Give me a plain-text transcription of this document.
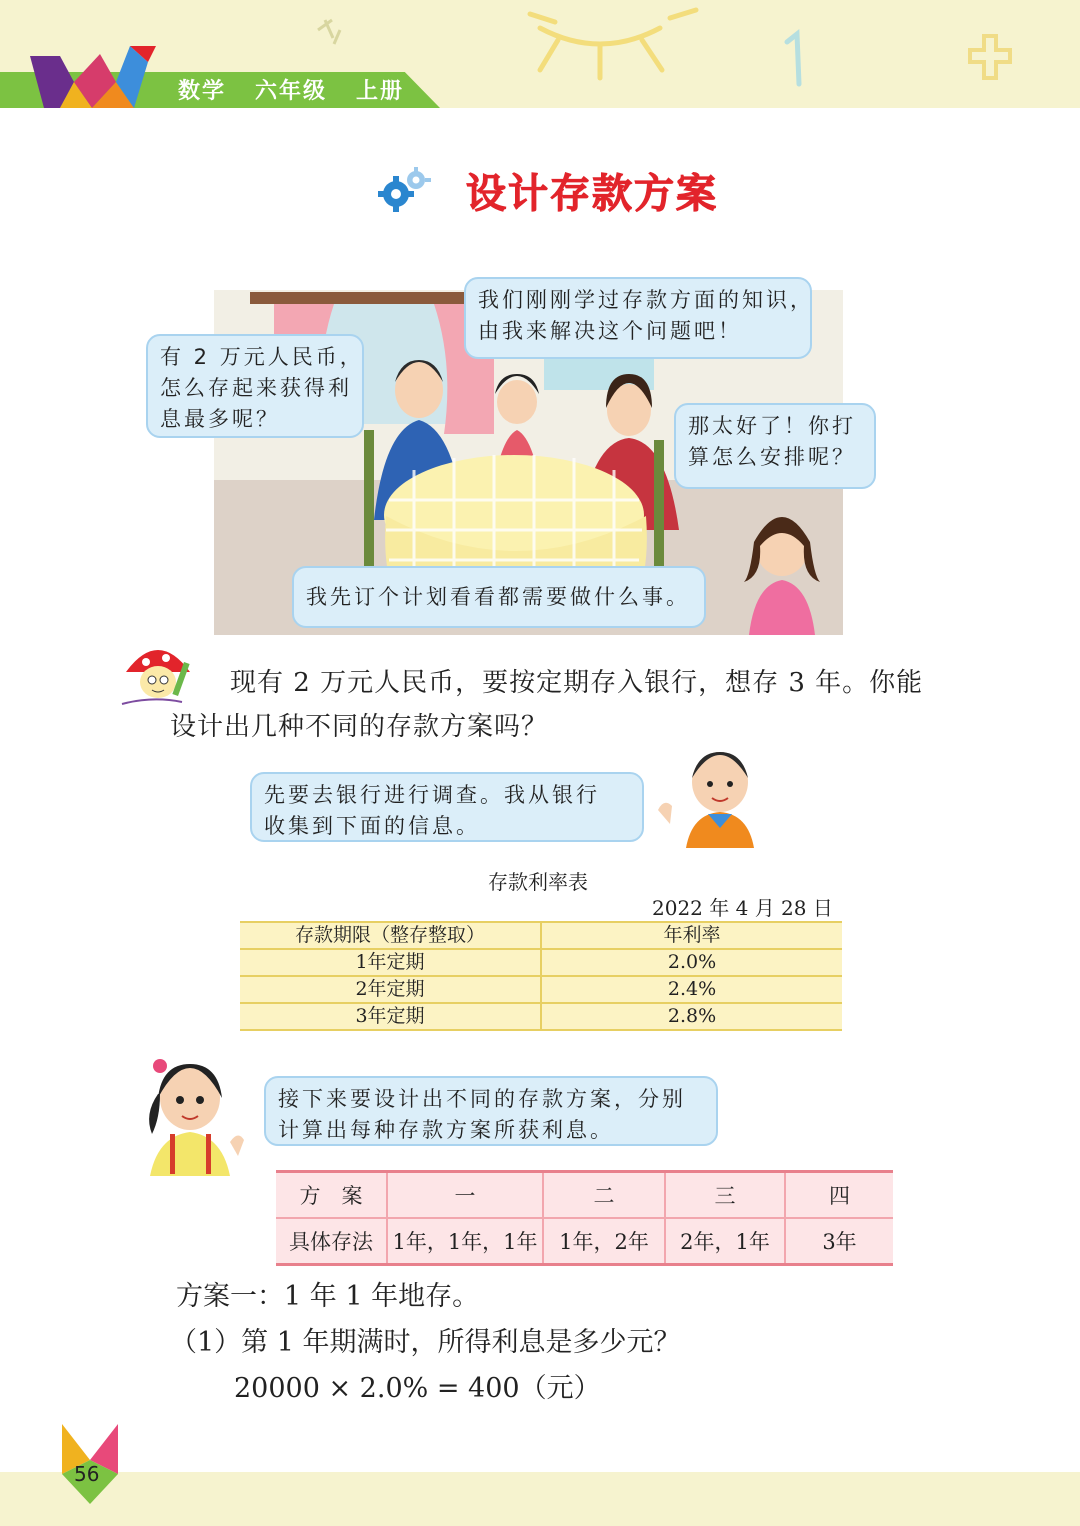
数学   六年级   上册
设计存款方案
有 2 万元人民币，
怎么存起来获得利
息最多呢？
我们刚刚学过存款方面的知识，
由我来解决这个问题吧！
那太好了！你打
算怎么安排呢？
我先订个计划看看都需要做什么事。
现有 2 万元人民币，要按定期存入银行，想存 3 年。你能
设计出几种不同的存款方案吗？
先要去银行进行调查。我从银行
收集到下面的信息。
存款利率表
2022 年 4 月 28 日
存款期限（整存整取）	年利率
1年定期	2.0%
2年定期	2.4%
3年定期	2.8%
接下来要设计出不同的存款方案，分别
计算出每种存款方案所获利息。
方　案	一	二	三	四
具体存法	1年，1年，1年	1年，2年	2年，1年	3年
方案一：1 年 1 年地存。
（1）第 1 年期满时，所得利息是多少元？
20000 × 2.0% = 400（元）
56
